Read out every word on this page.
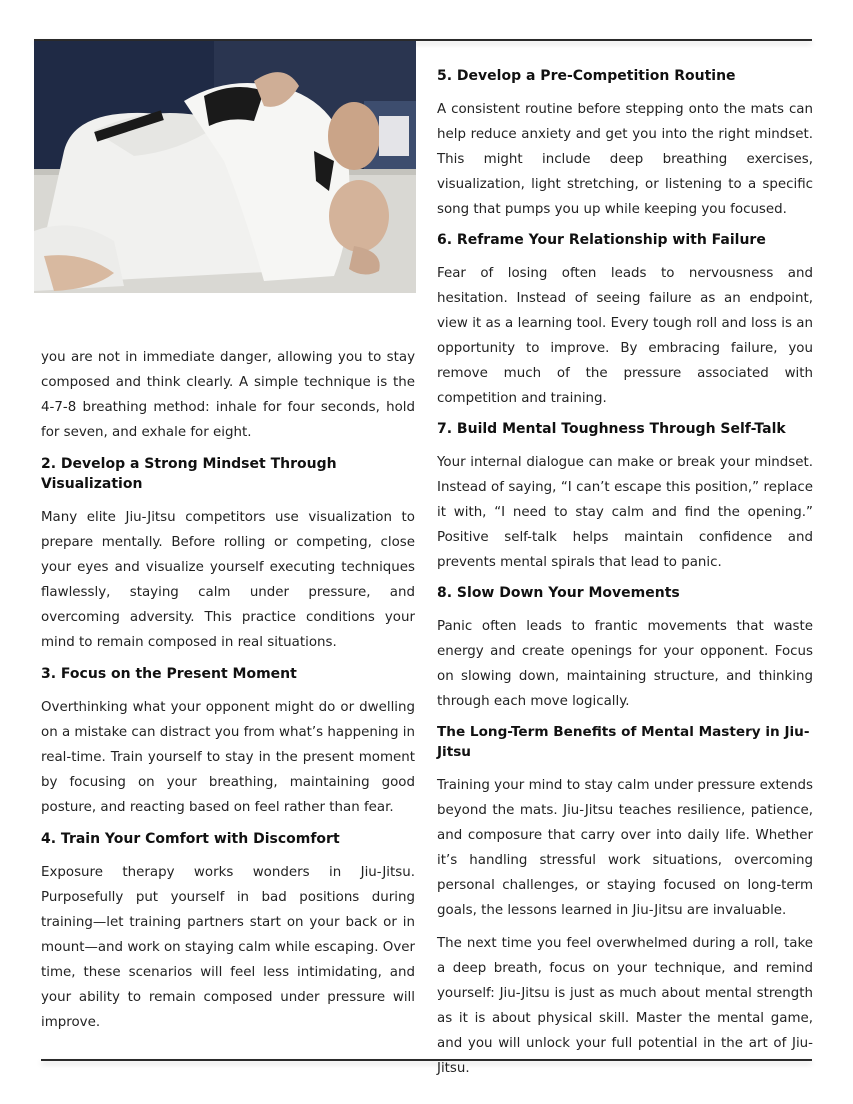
you are not in immediate danger, allowing you to stay composed and think clearly. A simple technique is the 4-7-8 breathing method: inhale for four seconds, hold for seven, and exhale for eight.

2. Develop a Strong Mindset Through Visualization

Many elite Jiu-Jitsu competitors use visualization to prepare mentally. Before rolling or competing, close your eyes and visualize yourself executing techniques flawlessly, staying calm under pressure, and overcoming adversity. This practice conditions your mind to remain composed in real situations.

3. Focus on the Present Moment

Overthinking what your opponent might do or dwelling on a mistake can distract you from what’s happening in real-time. Train yourself to stay in the present moment by focusing on your breathing, maintaining good posture, and reacting based on feel rather than fear.

4. Train Your Comfort with Discomfort

Exposure therapy works wonders in Jiu-Jitsu. Purposefully put yourself in bad positions during training—let training partners start on your back or in mount—and work on staying calm while escaping. Over time, these scenarios will feel less intimidating, and your ability to remain composed under pressure will improve.

5. Develop a Pre-Competition Routine

A consistent routine before stepping onto the mats can help reduce anxiety and get you into the right mindset. This might include deep breathing exercises, visualization, light stretching, or listening to a specific song that pumps you up while keeping you focused.

6. Reframe Your Relationship with Failure

Fear of losing often leads to nervousness and hesitation. Instead of seeing failure as an endpoint, view it as a learning tool. Every tough roll and loss is an opportunity to improve. By embracing failure, you remove much of the pressure associated with competition and training.

7. Build Mental Toughness Through Self-Talk

Your internal dialogue can make or break your mindset. Instead of saying, “I can’t escape this position,” replace it with, “I need to stay calm and find the opening.” Positive self-talk helps maintain confidence and prevents mental spirals that lead to panic.

8. Slow Down Your Movements

Panic often leads to frantic movements that waste energy and create openings for your opponent. Focus on slowing down, maintaining structure, and thinking through each move logically.

The Long-Term Benefits of Mental Mastery in Jiu-Jitsu

Training your mind to stay calm under pressure extends beyond the mats. Jiu-Jitsu teaches resilience, patience, and composure that carry over into daily life. Whether it’s handling stressful work situations, overcoming personal challenges, or staying focused on long-term goals, the lessons learned in Jiu-Jitsu are invaluable.

The next time you feel overwhelmed during a roll, take a deep breath, focus on your technique, and remind yourself: Jiu-Jitsu is just as much about mental strength as it is about physical skill. Master the mental game, and you will unlock your full potential in the art of Jiu-Jitsu.
